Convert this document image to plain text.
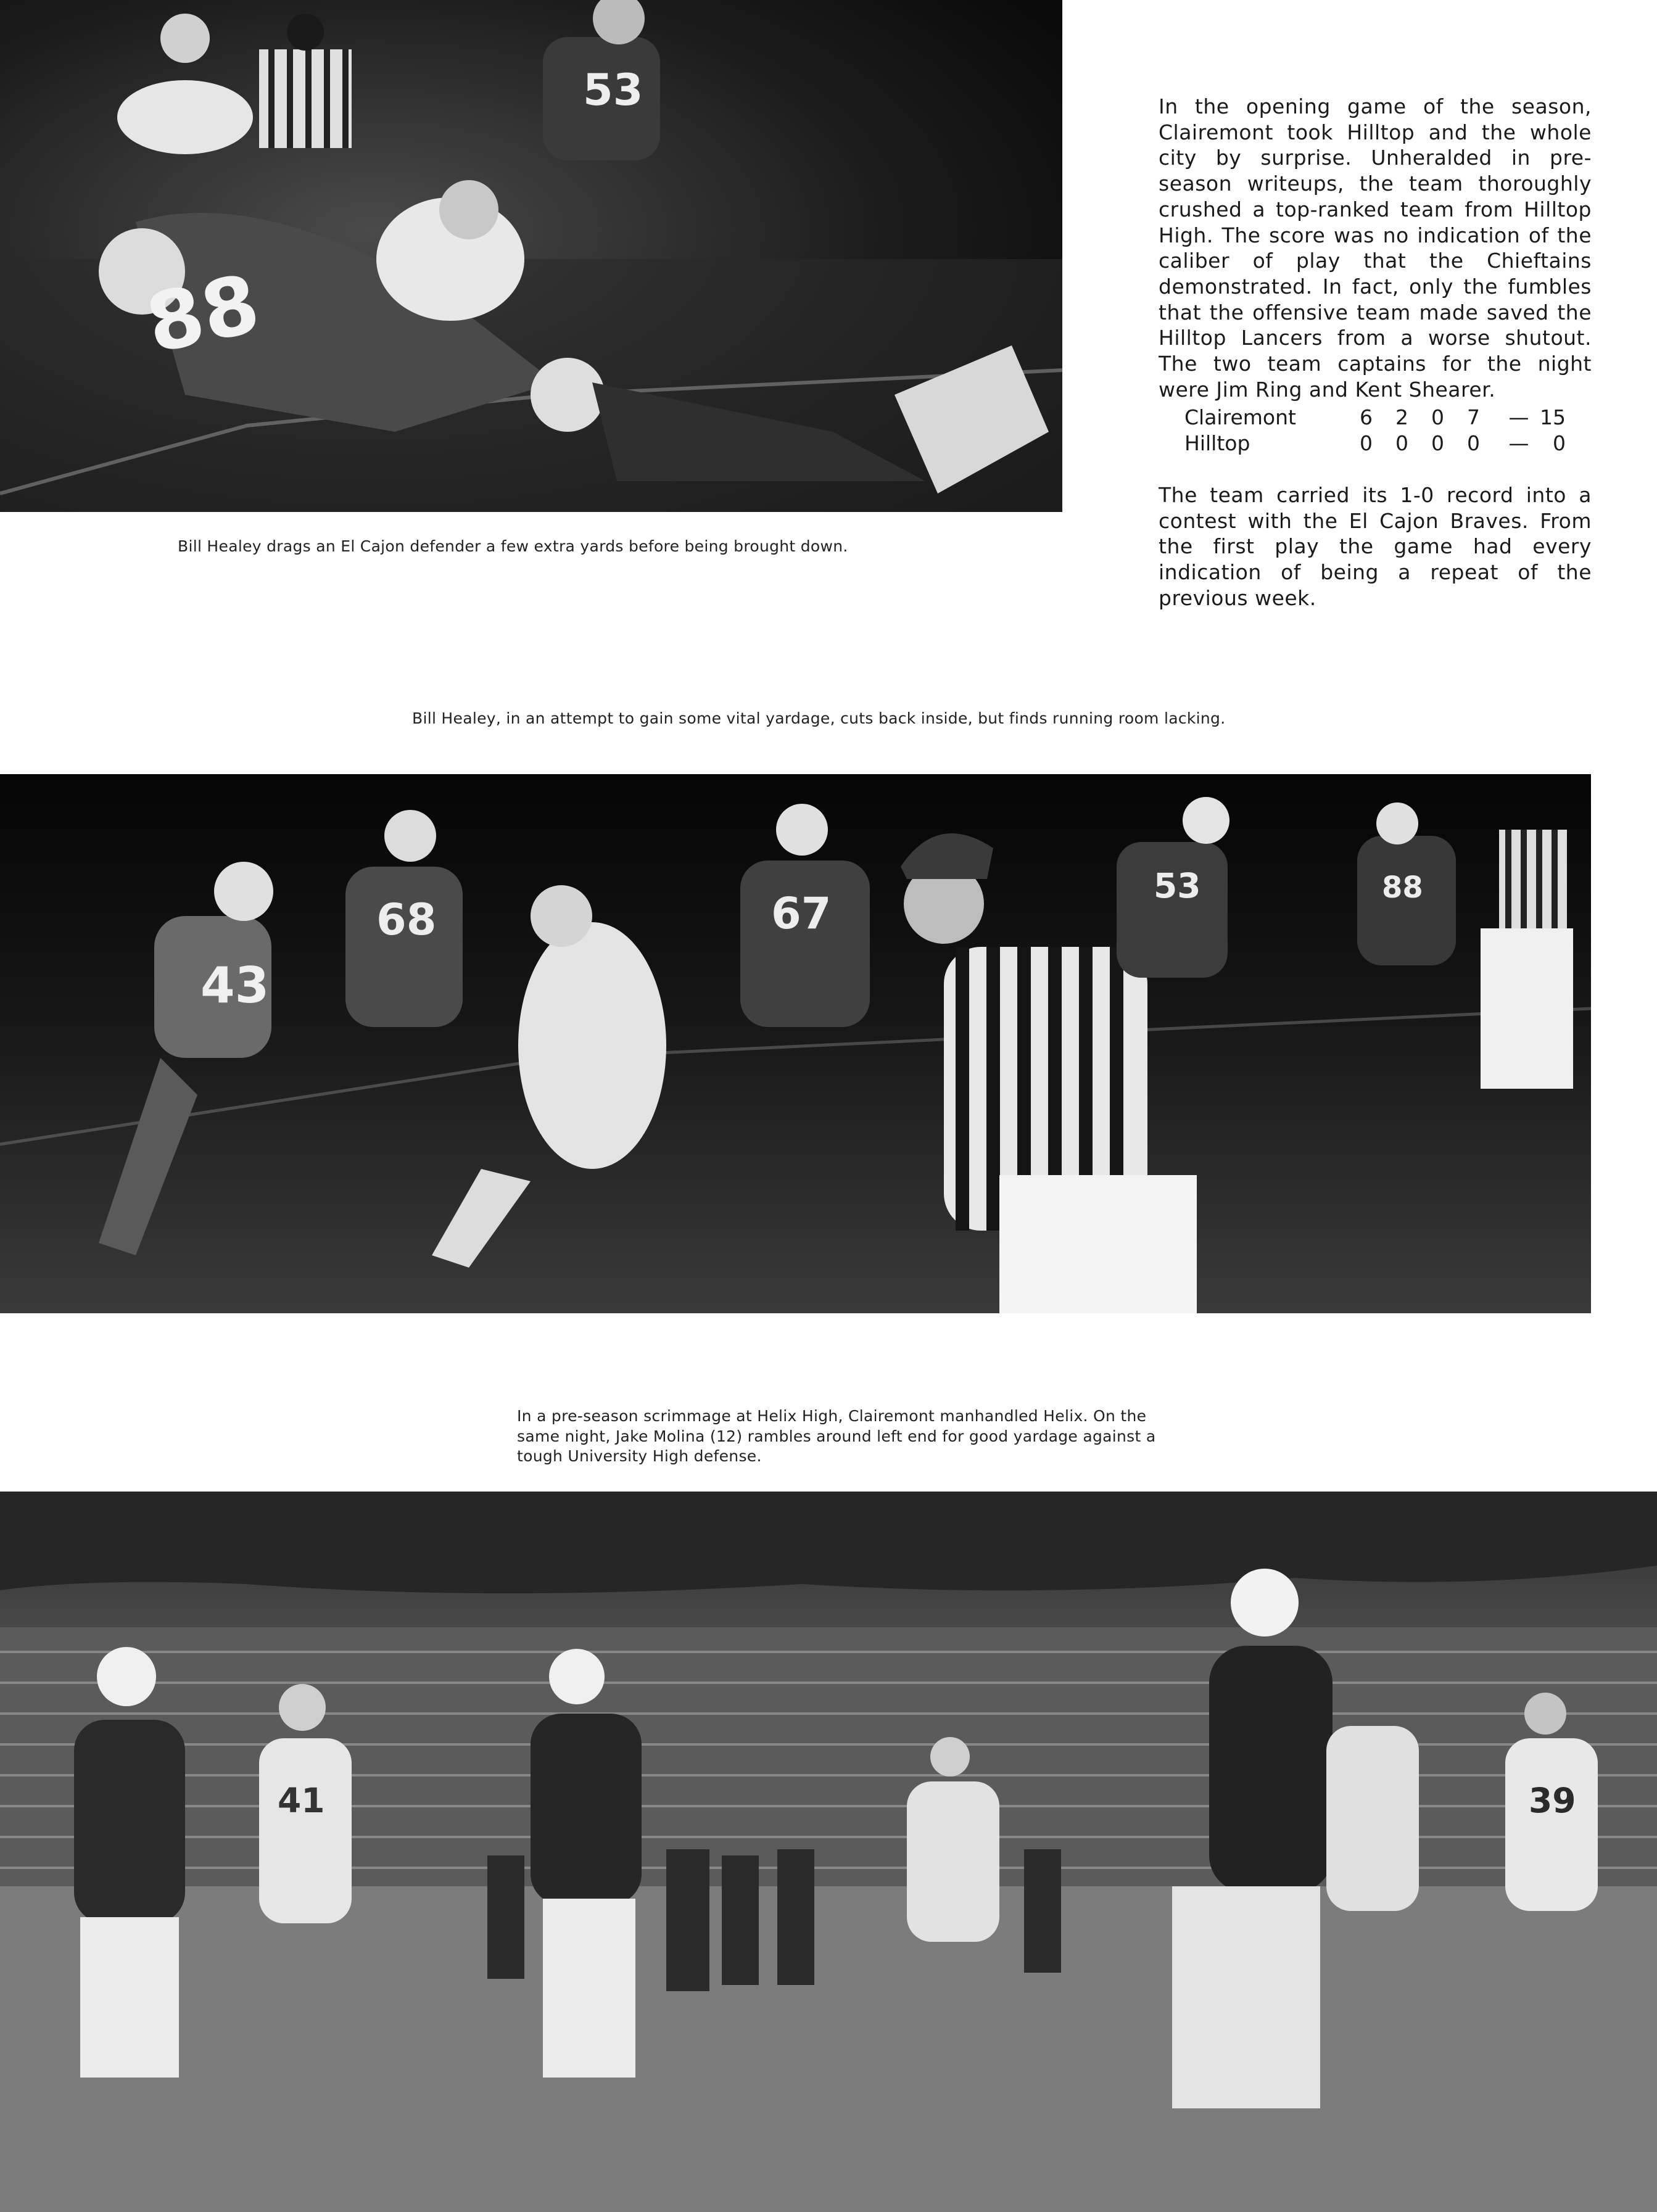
53
88
Bill Healey drags an El Cajon defender a few extra yards before being brought down.

In the opening game of the season, Clairemont took Hilltop and the whole city by surprise. Unheralded in pre-season writeups, the team thoroughly crushed a top-ranked team from Hilltop High. The score was no indication of the caliber of play that the Chieftains demonstrated. In fact, only the fumbles that the offensive team made saved the Hilltop Lancers from a worse shutout. The two team captains for the night were Jim Ring and Kent Shearer.

Clairemont	6	2	0	7	—	15
Hilltop	0	0	0	0	—	0

The team carried its 1-0 record into a contest with the El Cajon Braves. From the first play the game had every indication of being a repeat of the previous week.

Bill Healey, in an attempt to gain some vital yardage, cuts back inside, but finds running room lacking.
43
68	67
53	88
In a pre-season scrimmage at Helix High, Clairemont manhandled Helix. On the same night, Jake Molina (12) rambles around left end for good yardage against a tough University High defense.
41	39
